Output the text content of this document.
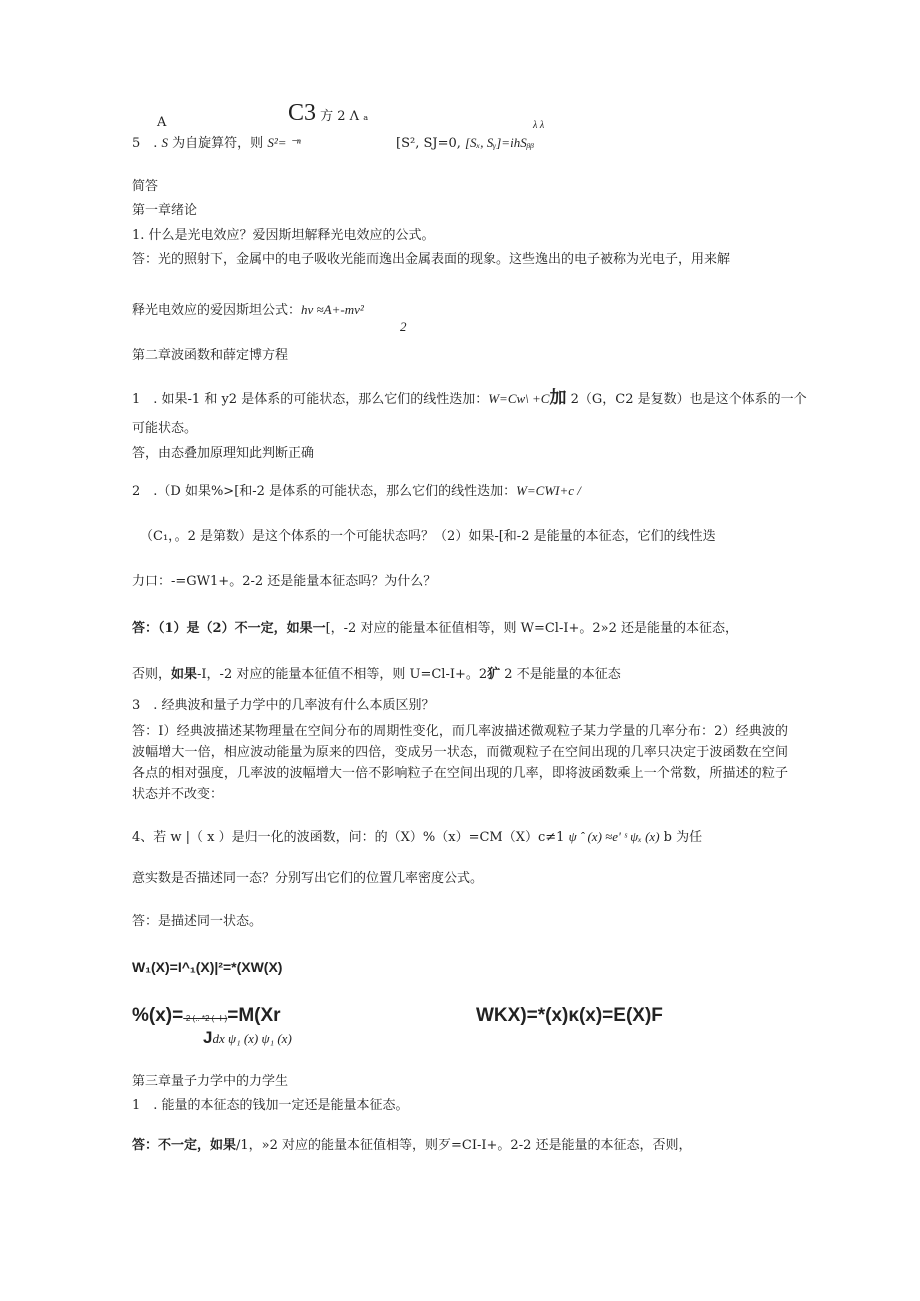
A	C3 方 2 Λ ₐ
λ λ
5　. S 为自旋算符，则 S²= ⁻ⁿ	[S², SJ=0, [Sₓ, Sᵧ]=ihSᵦᵦ
简答
第一章绪论
1. 什么是光电效应？爱因斯坦解释光电效应的公式。
答：光的照射下，金属中的电子吸收光能而逸出金属表面的现象。这些逸出的电子被称为光电子，用来解
释光电效应的爱因斯坦公式：hv ≈A+-mv²
2
第二章波函数和薛定博方程
1　. 如果-1 和 y2 是体系的可能状态，那么它们的线性迭加：W=Cw\ +C加 2（G，C2 是复数）也是这个体系的一个
可能状态。
答，由态叠加原理知此判断正确
2　.（D 如果%>[和-2 是体系的可能状态，那么它们的线性迭加：W=CWI+c /
（C₁，。2 是第数）是这个体系的一个可能状态吗？（2）如果-[和-2 是能量的本征态，它们的线性迭
力口：-=GW1+。2-2 还是能量本征态吗？为什么？
答：（1）是（2）不一定，如果一[，-2 对应的能量本征值相等，则 W=Cl-I+。2»2 还是能量的本征态，
否则，如果-I，-2 对应的能量本征值不相等，则 U=Cl-I+。2犷 2 不是能量的本征态
3　. 经典波和量子力学中的几率波有什么本质区别？
答：I）经典波描述某物理量在空间分布的周期性变化，而几率波描述微观粒子某力学量的几率分布：2）经典波的波幅增大一倍，相应波动能量为原来的四倍，变成另一状态，而微观粒子在空间出现的几率只决定于波函数在空间各点的相对强度，几率波的波幅增大一倍不影响粒子在空间出现的几率，即将波函数乘上一个常数，所描述的粒子状态并不改变：
4、若 w |（ x ）是归一化的波函数，问：的（X）%（x）=CM（X）c≠1 ψ ˆ (x) ≈e' ˢ ψₓ (x) b 为任
意实数是否描述同一态？分别写出它们的位置几率密度公式。
答：是描述同一状态。
W₁(X)=I^₁(X)|²=*(XW(X)
%(x)=·2 (.. *2 (··I·)=M(Xr
Jdx ψ₁ (x) ψ₁ (x)
WKX)=*(x)κ(x)=E(X)F
第三章量子力学中的力学生
1　. 能量的本征态的钱加一定还是能量本征态。
答：不一定，如果/1，»2 对应的能量本征值相等，则歹=CI-I+。2-2 还是能量的本征态，否则，
